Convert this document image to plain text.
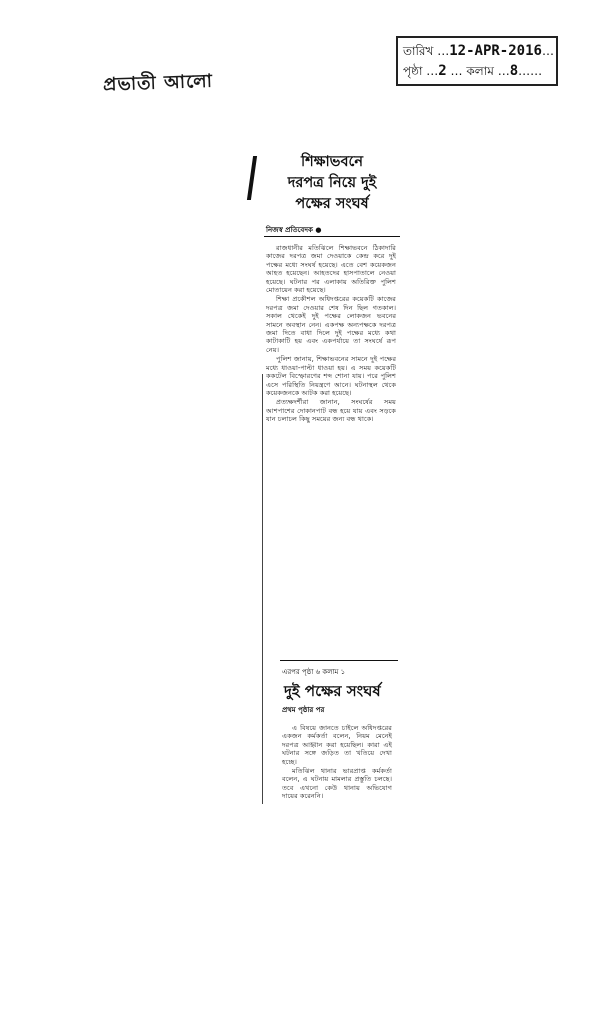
প্রভাতী আলো
তারিখ …12-APR-2016…
পৃষ্ঠা …2 … কলাম …8……
শিক্ষাভবনে
দরপত্র নিয়ে দুই
পক্ষের সংঘর্ষ
নিজস্ব প্রতিবেদক ●

রাজধানীর মতিঝিলে শিক্ষাভবনে ঠিকাদারি কাজের দরপত্র জমা দেওয়াকে কেন্দ্র করে দুই পক্ষের মধ্যে সংঘর্ষ হয়েছে। এতে বেশ কয়েকজন আহত হয়েছেন। আহতদের হাসপাতালে নেওয়া হয়েছে। ঘটনার পর এলাকায় অতিরিক্ত পুলিশ মোতায়েন করা হয়েছে।

শিক্ষা প্রকৌশল অধিদপ্তরের কয়েকটি কাজের দরপত্র জমা দেওয়ার শেষ দিন ছিল গতকাল। সকাল থেকেই দুই পক্ষের লোকজন ভবনের সামনে অবস্থান নেন। একপক্ষ অন্যপক্ষকে দরপত্র জমা দিতে বাধা দিলে দুই পক্ষের মধ্যে কথা কাটাকাটি হয় এবং একপর্যায়ে তা সংঘর্ষে রূপ নেয়।

পুলিশ জানায়, শিক্ষাভবনের সামনে দুই পক্ষের মধ্যে ধাওয়া-পাল্টা ধাওয়া হয়। এ সময় কয়েকটি ককটেল বিস্ফোরণের শব্দ শোনা যায়। পরে পুলিশ এসে পরিস্থিতি নিয়ন্ত্রণে আনে। ঘটনাস্থল থেকে কয়েকজনকে আটক করা হয়েছে।

প্রত্যক্ষদর্শীরা জানান, সংঘর্ষের সময় আশপাশের দোকানপাট বন্ধ হয়ে যায় এবং সড়কে যান চলাচল কিছু সময়ের জন্য বন্ধ থাকে।

এরপর পৃষ্ঠা ৬ কলাম ১
দুই পক্ষের সংঘর্ষ
প্রথম পৃষ্ঠার পর

এ বিষয়ে জানতে চাইলে অধিদপ্তরের একজন কর্মকর্তা বলেন, নিয়ম মেনেই দরপত্র আহ্বান করা হয়েছিল। কারা এই ঘটনার সঙ্গে জড়িত তা খতিয়ে দেখা হচ্ছে।

মতিঝিল থানার ভারপ্রাপ্ত কর্মকর্তা বলেন, এ ঘটনায় মামলার প্রস্তুতি চলছে। তবে এখনো কেউ থানায় অভিযোগ দায়ের করেননি।
